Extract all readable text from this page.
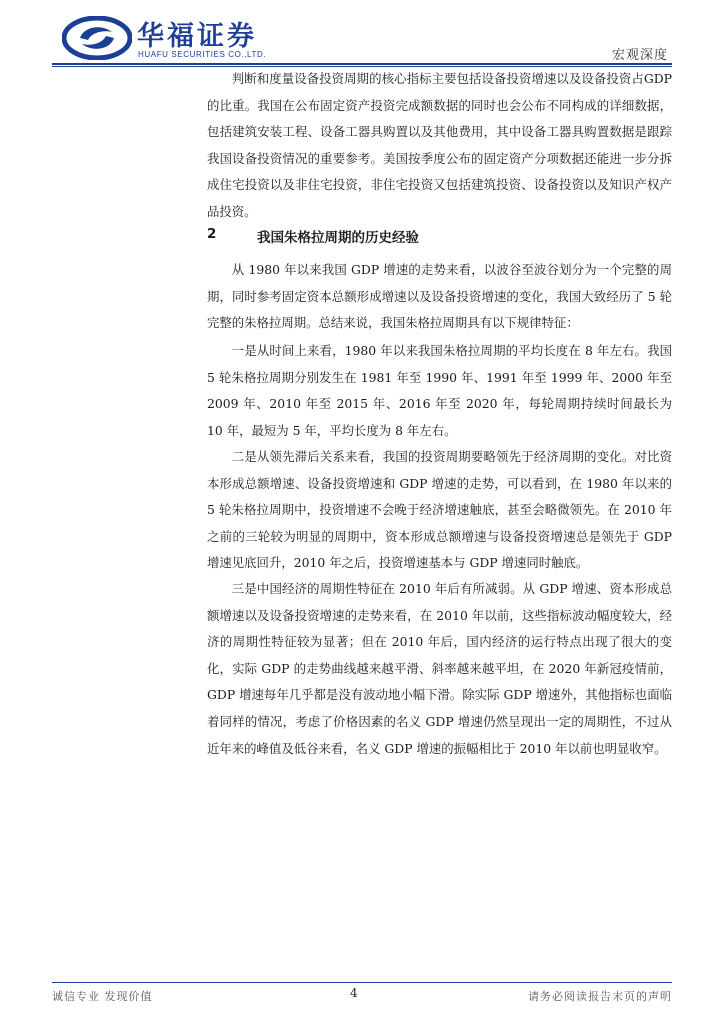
华福证券
HUAFU SECURITIES CO.,LTD.	宏观深度

判断和度量设备投资周期的核心指标主要包括设备投资增速以及设备投资占GDP的比重。我国在公布固定资产投资完成额数据的同时也会公布不同构成的详细数据，包括建筑安装工程、设备工器具购置以及其他费用，其中设备工器具购置数据是跟踪我国设备投资情况的重要参考。美国按季度公布的固定资产分项数据还能进一步分拆成住宅投资以及非住宅投资，非住宅投资又包括建筑投资、设备投资以及知识产权产品投资。

2	我国朱格拉周期的历史经验

从 1980 年以来我国 GDP 增速的走势来看，以波谷至波谷划分为一个完整的周期，同时参考固定资本总额形成增速以及设备投资增速的变化，我国大致经历了 5 轮完整的朱格拉周期。总结来说，我国朱格拉周期具有以下规律特征：

一是从时间上来看，1980 年以来我国朱格拉周期的平均长度在 8 年左右。我国 5 轮朱格拉周期分别发生在 1981 年至 1990 年、1991 年至 1999 年、2000 年至 2009 年、2010 年至 2015 年、2016 年至 2020 年，每轮周期持续时间最长为 10 年，最短为 5 年，平均长度为 8 年左右。

二是从领先滞后关系来看，我国的投资周期要略领先于经济周期的变化。对比资本形成总额增速、设备投资增速和 GDP 增速的走势，可以看到，在 1980 年以来的 5 轮朱格拉周期中，投资增速不会晚于经济增速触底，甚至会略微领先。在 2010 年之前的三轮较为明显的周期中，资本形成总额增速与设备投资增速总是领先于 GDP 增速见底回升，2010 年之后，投资增速基本与 GDP 增速同时触底。

三是中国经济的周期性特征在 2010 年后有所减弱。从 GDP 增速、资本形成总额增速以及设备投资增速的走势来看，在 2010 年以前，这些指标波动幅度较大，经济的周期性特征较为显著；但在 2010 年后，国内经济的运行特点出现了很大的变化，实际 GDP 的走势曲线越来越平滑、斜率越来越平坦，在 2020 年新冠疫情前，GDP 增速每年几乎都是没有波动地小幅下滑。除实际 GDP 增速外，其他指标也面临着同样的情况，考虑了价格因素的名义 GDP 增速仍然呈现出一定的周期性，不过从近年来的峰值及低谷来看，名义 GDP 增速的振幅相比于 2010 年以前也明显收窄。

诚信专业 发现价值	4	请务必阅读报告末页的声明
